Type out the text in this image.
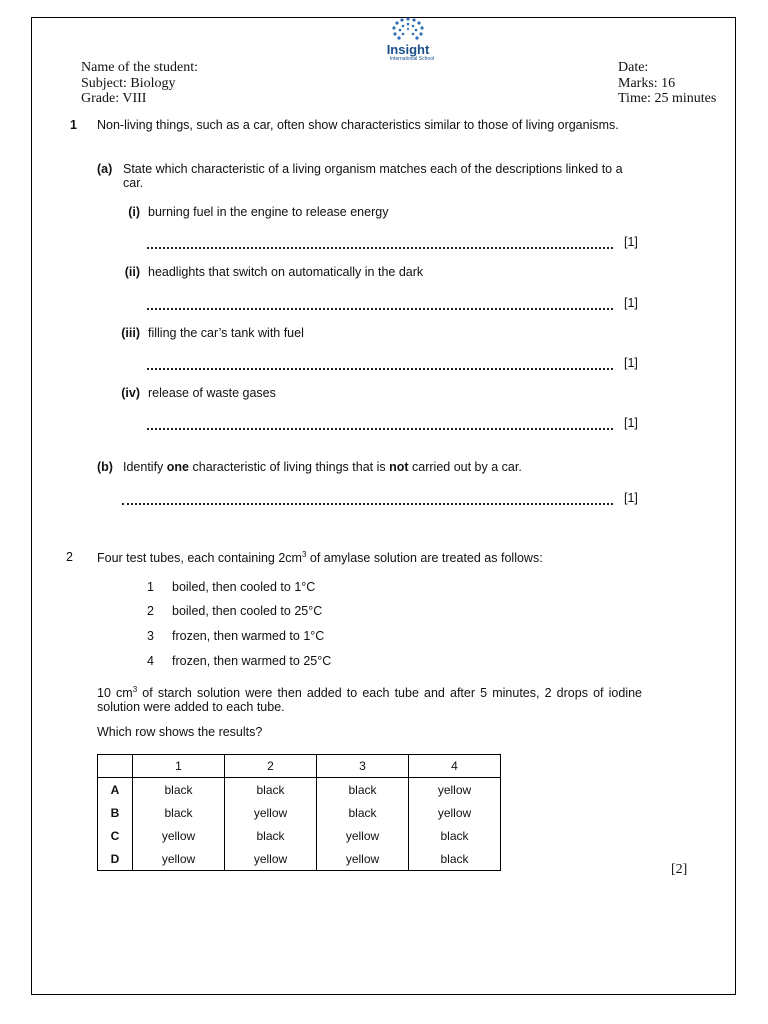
Insight
International School
Name of the student:
Subject: Biology
Grade: VIII
Date:
Marks: 16
Time: 25 minutes
1 Non-living things, such as a car, often show characteristics similar to those of living organisms.
(a) State which characteristic of a living organism matches each of the descriptions linked to a car.
(i) burning fuel in the engine to release energy
[1]
(ii) headlights that switch on automatically in the dark
[1]
(iii) filling the car’s tank with fuel
[1]
(iv) release of waste gases
[1]
(b) Identify one characteristic of living things that is not carried out by a car.
[1]
2 Four test tubes, each containing $2cm^3$ of amylase solution are treated as follows:
1 boiled, then cooled to 1°C
2 boiled, then cooled to 25°C
3 frozen, then warmed to 1°C
4 frozen, then warmed to 25°C
10 $cm^3$ of starch solution were then added to each tube and after 5 minutes, 2 drops of iodine solution were added to each tube.
Which row shows the results?
	1	2	3	4
A	black	black	black	yellow
B	black	yellow	black	yellow
C	yellow	black	yellow	black
D	yellow	yellow	yellow	black
[2]
